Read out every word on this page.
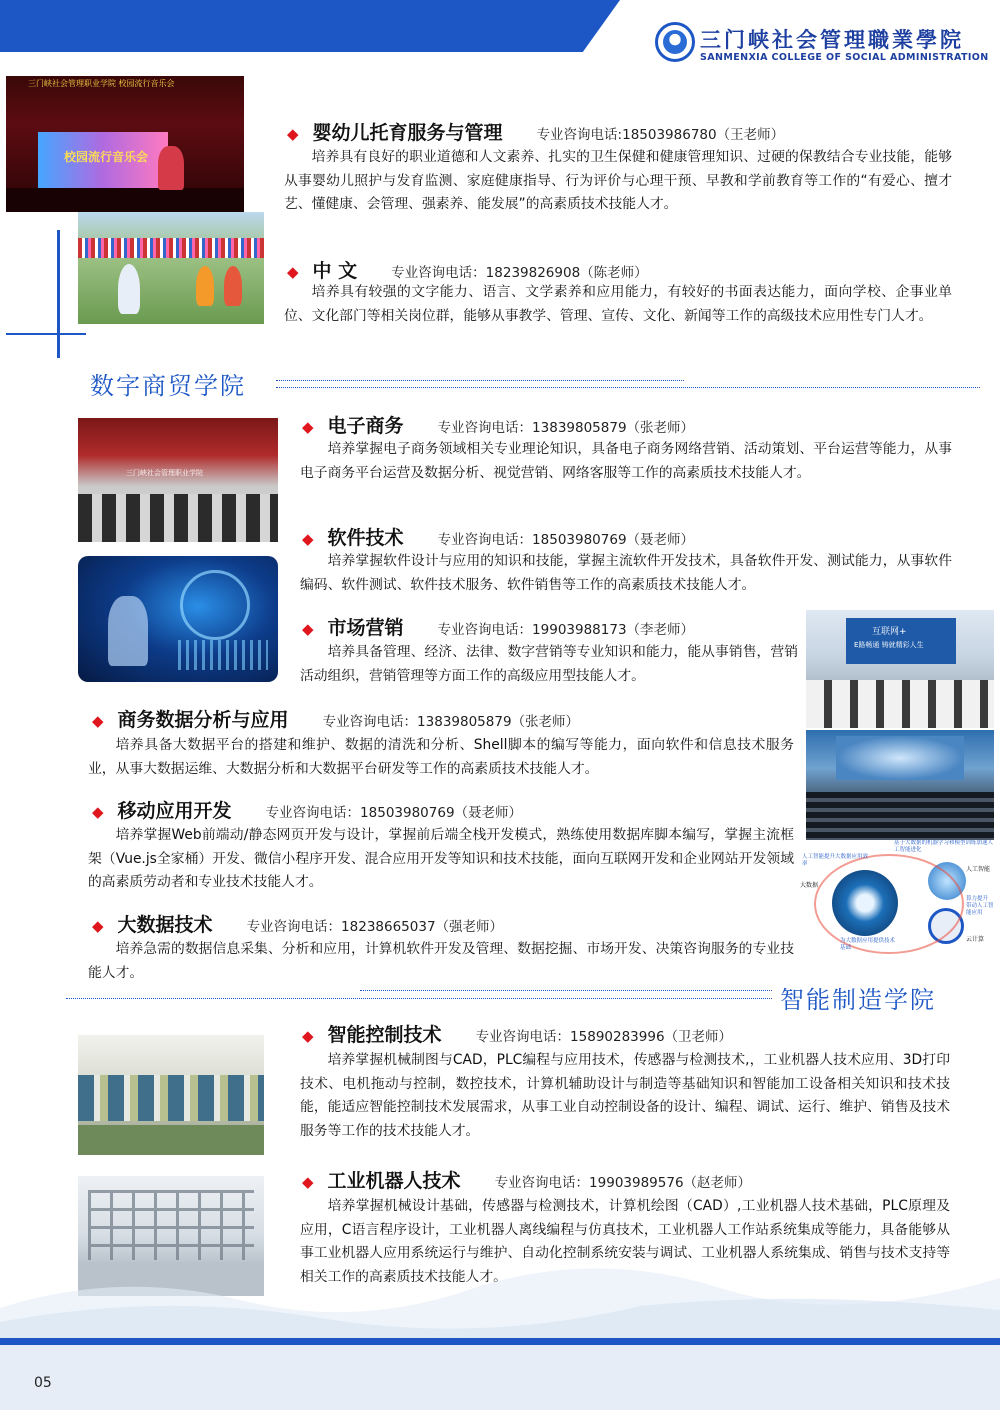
三门峡社会管理職業學院
SANMENXIA COLLEGE OF SOCIAL ADMINISTRATION
三门峡社会管理职业学院 校园流行音乐会
校园流行音乐会
◆ 婴幼儿托育服务与管理	专业咨询电话:18503986780（王老师）

培养具有良好的职业道德和人文素养、扎实的卫生保健和健康管理知识、过硬的保教结合专业技能，能够从事婴幼儿照护与发育监测、家庭健康指导、行为评价与心理干预、早教和学前教育等工作的“有爱心、擅才艺、懂健康、会管理、强素养、能发展”的高素质技术技能人才。

◆ 中 文	专业咨询电话：18239826908（陈老师）

培养具有较强的文字能力、语言、文学素养和应用能力，有较好的书面表达能力，面向学校、企事业单位、文化部门等相关岗位群，能够从事教学、管理、宣传、文化、新闻等工作的高级技术应用性专门人才。

数字商贸学院
三门峡社会管理职业学院
◆ 电子商务	专业咨询电话：13839805879（张老师）

培养掌握电子商务领域相关专业理论知识，具备电子商务网络营销、活动策划、平台运营等能力，从事电子商务平台运营及数据分析、视觉营销、网络客服等工作的高素质技术技能人才。

◆ 软件技术	专业咨询电话：18503980769（聂老师）

培养掌握软件设计与应用的知识和技能，掌握主流软件开发技术，具备软件开发、测试能力，从事软件编码、软件测试、软件技术服务、软件销售等工作的高素质技术技能人才。

◆ 市场营销	专业咨询电话：19903988173（李老师）

培养具备管理、经济、法律、数字营销等专业知识和能力，能从事销售，营销活动组织，营销管理等方面工作的高级应用型技能人才。

互联网+
E路畅通 铸就精彩人生
基于大数据的机器学习和模型训练加速人工智能进化
人工智能提升大数据应用效率
人工智能
大数据
算力提升 带动人工智能应用
为大数据应用提供技术基础
云计算
◆ 商务数据分析与应用	专业咨询电话：13839805879（张老师）

培养具备大数据平台的搭建和维护、数据的清洗和分析、Shell脚本的编写等能力，面向软件和信息技术服务业，从事大数据运维、大数据分析和大数据平台研发等工作的高素质技术技能人才。

◆ 移动应用开发	专业咨询电话：18503980769（聂老师）

培养掌握Web前端动/静态网页开发与设计，掌握前后端全栈开发模式，熟练使用数据库脚本编写，掌握主流框架（Vue.js全家桶）开发、微信小程序开发、混合应用开发等知识和技术技能，面向互联网开发和企业网站开发领域的高素质劳动者和专业技术技能人才。

◆ 大数据技术	专业咨询电话：18238665037（强老师）

培养急需的数据信息采集、分析和应用，计算机软件开发及管理、数据挖掘、市场开发、决策咨询服务的专业技能人才。

智能制造学院
◆ 智能控制技术	专业咨询电话：15890283996（卫老师）

培养掌握机械制图与CAD，PLC编程与应用技术，传感器与检测技术,，工业机器人技术应用、3D打印技术、电机拖动与控制，数控技术，计算机辅助设计与制造等基础知识和智能加工设备相关知识和技术技能，能适应智能控制技术发展需求，从事工业自动控制设备的设计、编程、调试、运行、维护、销售及技术服务等工作的技术技能人才。

◆ 工业机器人技术	专业咨询电话：19903989576（赵老师）

培养掌握机械设计基础，传感器与检测技术，计算机绘图（CAD）,工业机器人技术基础，PLC原理及应用，C语言程序设计，工业机器人离线编程与仿真技术，工业机器人工作站系统集成等能力，具备能够从事工业机器人应用系统运行与维护、自动化控制系统安装与调试、工业机器人系统集成、销售与技术支持等相关工作的高素质技术技能人才。

05
